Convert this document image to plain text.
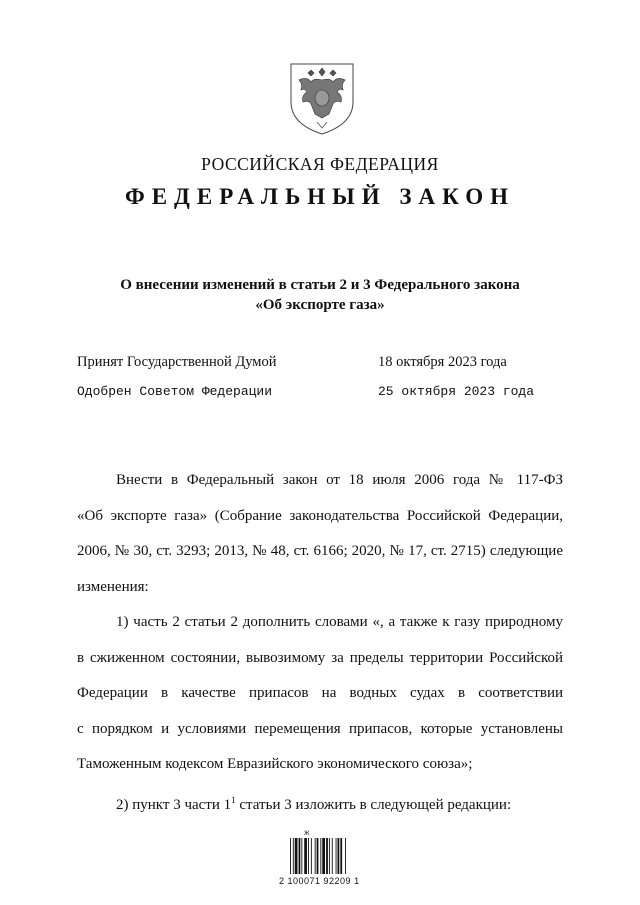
РОССИЙСКАЯ ФЕДЕРАЦИЯ
ФЕДЕРАЛЬНЫЙ ЗАКОН
О внесении изменений в статьи 2 и 3 Федерального закона
«Об экспорте газа»
Принят Государственной Думой	18 октября 2023 года
Одобрен Советом Федерации	25 октября 2023 года

Внести в Федеральный закон от 18 июля 2006 года № 117-ФЗ

«Об экспорте газа» (Собрание законодательства Российской Федерации,

2006, № 30, ст. 3293; 2013, № 48, ст. 6166; 2020, № 17, ст. 2715) следующие

изменения:

1) часть 2 статьи 2 дополнить словами «, а также к газу природному

в сжиженном состоянии, вывозимому за пределы территории Российской

Федерации в качестве припасов на водных судах в соответствии

с порядком и условиями перемещения припасов, которые установлены

Таможенным кодексом Евразийского экономического союза»;

2) пункт 3 части $1^1$ статьи 3 изложить в следующей редакции:

Ж
2 100071 92209 1
